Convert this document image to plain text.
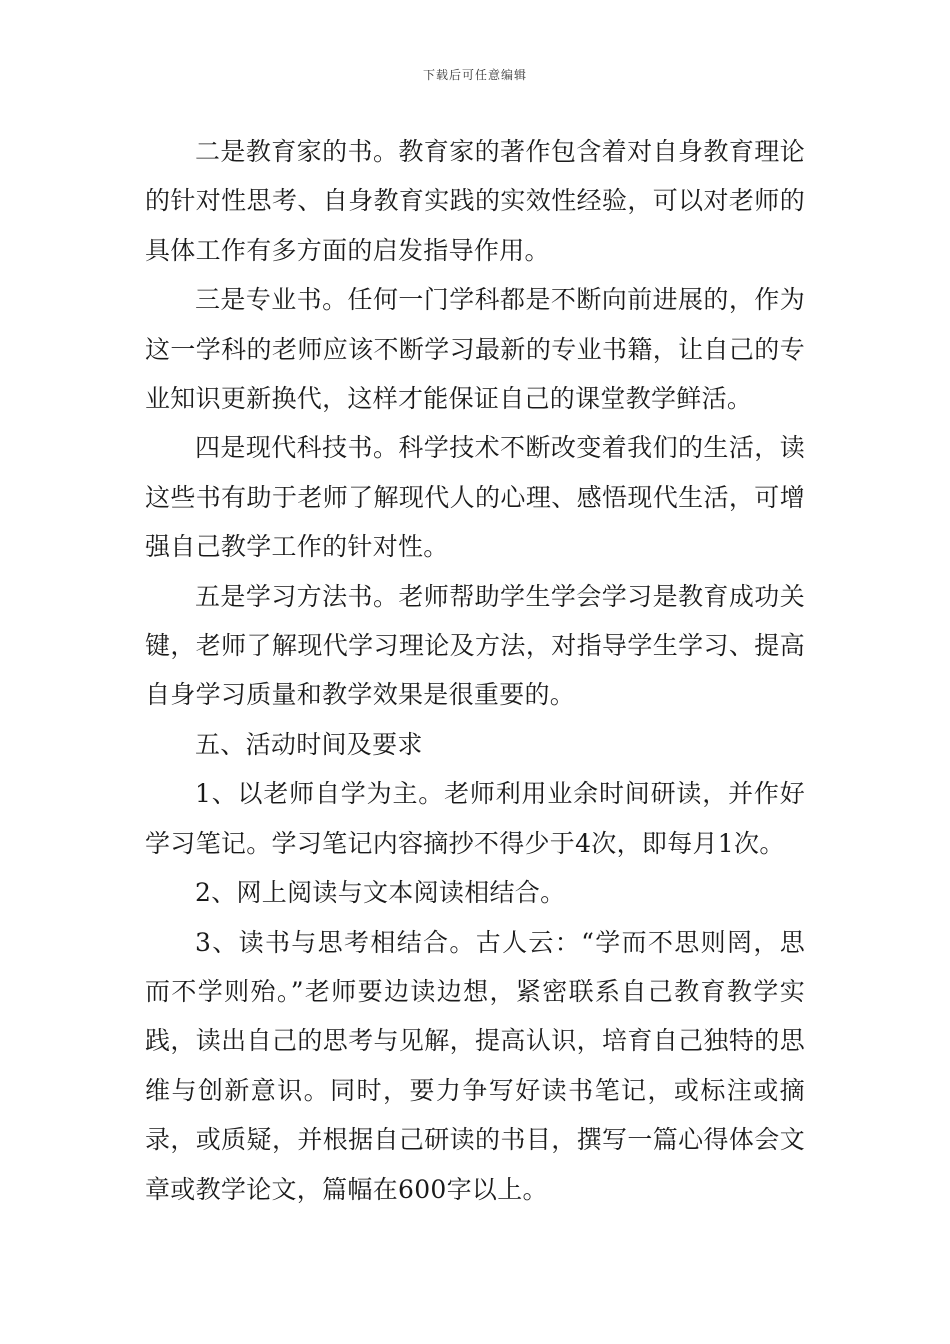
下载后可任意编辑

二是教育家的书。教育家的著作包含着对自身教育理论的针对性思考、自身教育实践的实效性经验，可以对老师的具体工作有多方面的启发指导作用。

三是专业书。任何一门学科都是不断向前进展的，作为这一学科的老师应该不断学习最新的专业书籍，让自己的专业知识更新换代，这样才能保证自己的课堂教学鲜活。

四是现代科技书。科学技术不断改变着我们的生活，读这些书有助于老师了解现代人的心理、感悟现代生活，可增强自己教学工作的针对性。

五是学习方法书。老师帮助学生学会学习是教育成功关键，老师了解现代学习理论及方法，对指导学生学习、提高自身学习质量和教学效果是很重要的。

五、活动时间及要求

1、以老师自学为主。老师利用业余时间研读，并作好学习笔记。学习笔记内容摘抄不得少于4次，即每月1次。

2、网上阅读与文本阅读相结合。

3、读书与思考相结合。古人云：“学而不思则罔，思而不学则殆。”老师要边读边想，紧密联系自己教育教学实践，读出自己的思考与见解，提高认识，培育自己独特的思维与创新意识。同时，要力争写好读书笔记，或标注或摘录，或质疑，并根据自己研读的书目，撰写一篇心得体会文章或教学论文，篇幅在600字以上。
